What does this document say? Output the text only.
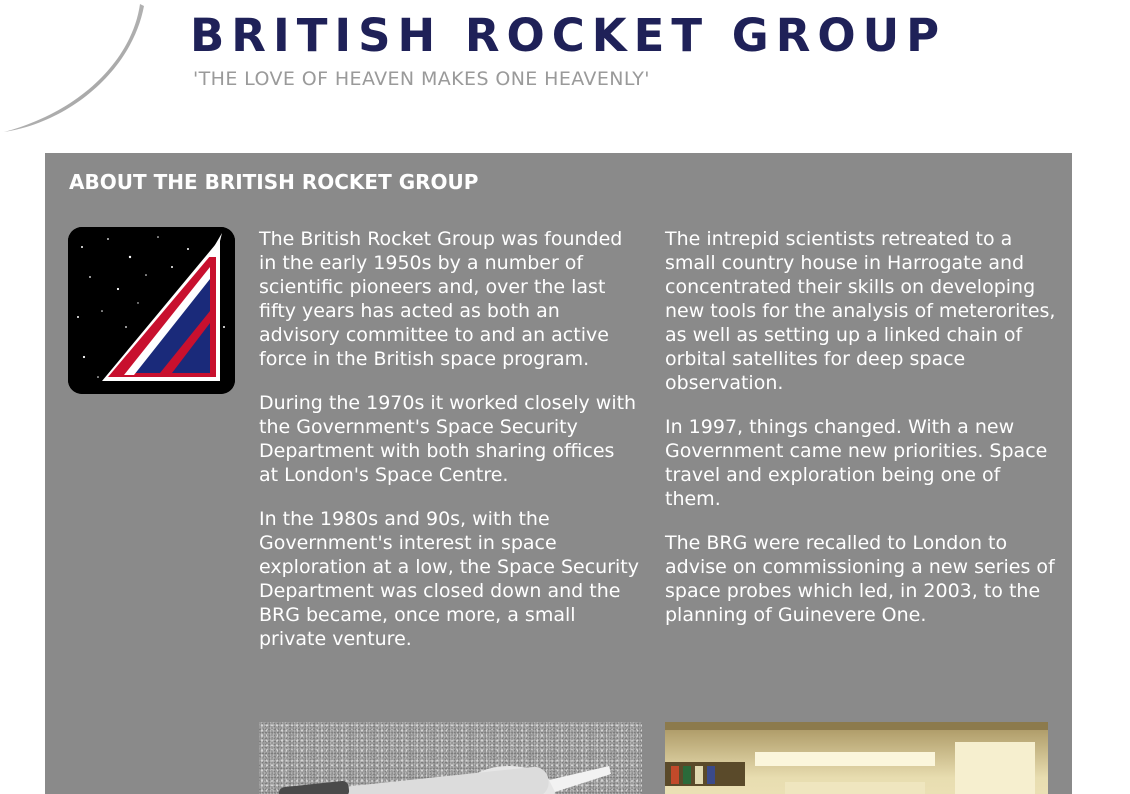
BRITISH ROCKET GROUP
'THE LOVE OF HEAVEN MAKES ONE HEAVENLY'
ABOUT THE BRITISH ROCKET GROUP

The British Rocket Group was founded in the early 1950s by a number of scientific pioneers and, over the last fifty years has acted as both an advisory committee to and an active force in the British space program.

During the 1970s it worked closely with the Government's Space Security Department with both sharing offices at London's Space Centre.

In the 1980s and 90s, with the Government's interest in space exploration at a low, the Space Security Department was closed down and the BRG became, once more, a small private venture.

The intrepid scientists retreated to a small country house in Harrogate and concentrated their skills on developing new tools for the analysis of meterorites, as well as setting up a linked chain of orbital satellites for deep space observation.

In 1997, things changed. With a new Government came new priorities. Space travel and exploration being one of them.

The BRG were recalled to London to advise on commissioning a new series of space probes which led, in 2003, to the planning of Guinevere One.
